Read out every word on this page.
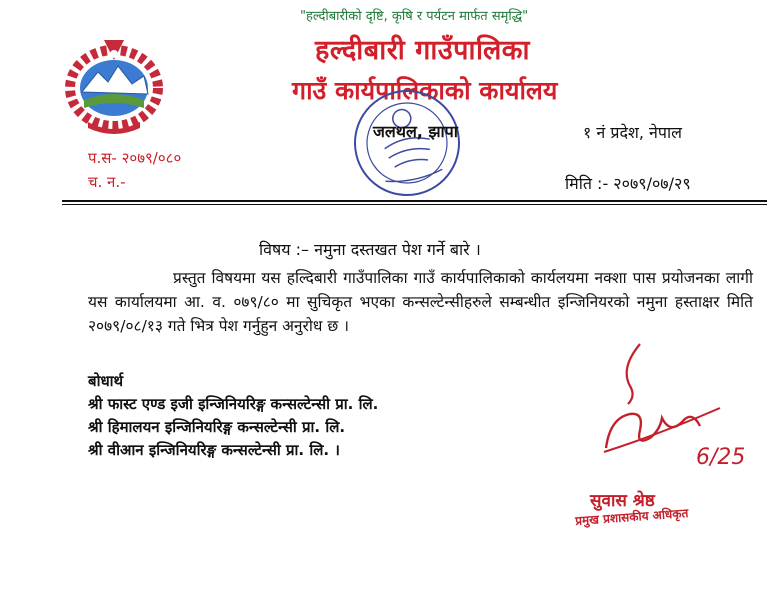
"हल्दीबारीको दृष्टि, कृषि र पर्यटन मार्फत समृद्धि"
हल्दीबारी गाउँपालिका
गाउँ कार्यपालिकाको कार्यालय
जलथल, झापा	१ नं प्रदेश, नेपाल
प.स- २०७९/०८०
च. न.-	मिति :- २०७९/०७/२९
विषय :– नमुना दस्तखत पेश गर्ने बारे ।

प्रस्तुत विषयमा यस हल्दिबारी गाउँपालिका गाउँ कार्यपालिकाको कार्यलयमा नक्शा पास प्रयोजनका लागी यस कार्यालयमा आ. व. ०७९/८० मा सुचिकृत भएका कन्सल्टेन्सीहरुले सम्बन्धीत इन्जिनियरको नमुना हस्ताक्षर मिति २०७९/०८/१३ गते भित्र पेश गर्नुहुन अनुरोध छ ।

बोधार्थ
श्री फास्ट एण्ड इजी इन्जिनियरिङ्ग कन्सल्टेन्सी प्रा. लि.
श्री हिमालयन इन्जिनियरिङ्ग कन्सल्टेन्सी प्रा. लि.
श्री वीआन इन्जिनियरिङ्ग कन्सल्टेन्सी प्रा. लि. ।	6/25
सुवास श्रेष्ठ
प्रमुख प्रशासकीय अधिकृत
